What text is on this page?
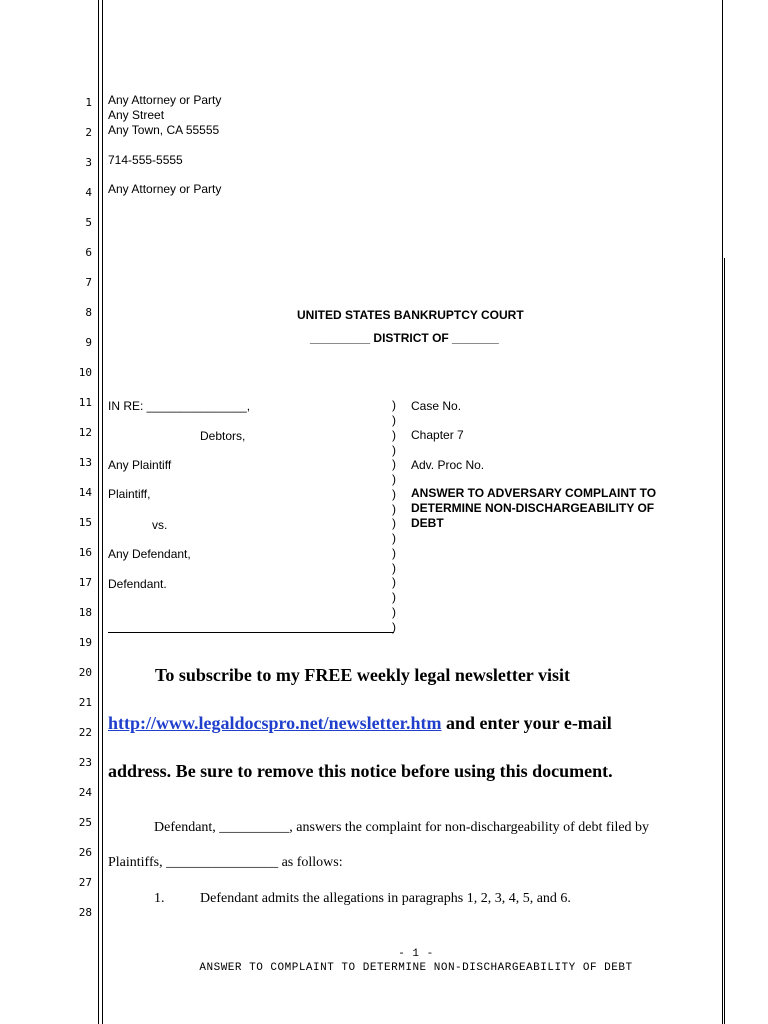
1
2
3
4
5
6
7
8
9
10
11
12
13
14
15
16
17
18
19
20
21
22
23
24
25
26
27
28
Any Attorney or Party
Any Street
Any Town, CA 55555
714-555-5555
Any Attorney or Party
UNITED STATES BANKRUPTCY COURT
_________ DISTRICT OF _______
IN RE: _______________,
Debtors,
Any Plaintiff
Plaintiff,
vs.
Any Defendant,
Defendant.
)
)
)
)
)
)
)
)
)
)
)
)
)
)
)
)
Case No.
Chapter 7
Adv. Proc No.
ANSWER TO ADVERSARY COMPLAINT TO
DETERMINE NON-DISCHARGEABILITY OF
DEBT
To subscribe to my FREE weekly legal newsletter visit
http://www.legaldocspro.net/newsletter.htm and enter your e-mail
address. Be sure to remove this notice before using this document.
Defendant, __________, answers the complaint for non-dischargeability of debt filed by
Plaintiffs, ________________ as follows:
1.	Defendant admits the allegations in paragraphs 1, 2, 3, 4, 5, and 6.
- 1 -
ANSWER TO COMPLAINT TO DETERMINE NON-DISCHARGEABILITY OF DEBT
